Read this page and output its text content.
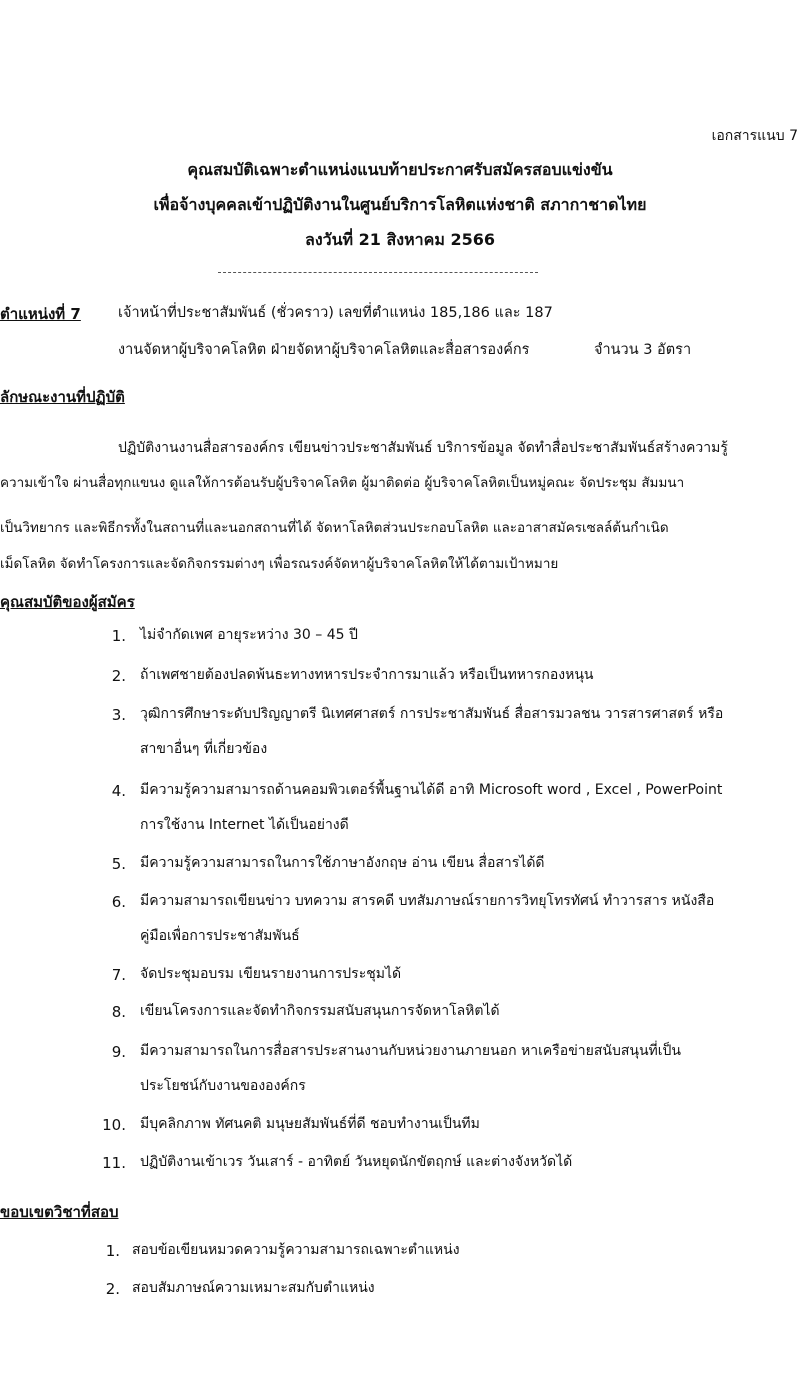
เอกสารแนบ 7
คุณสมบัติเฉพาะตำแหน่งแนบท้ายประกาศรับสมัครสอบแข่งขัน
เพื่อจ้างบุคคลเข้าปฏิบัติงานในศูนย์บริการโลหิตแห่งชาติ สภากาชาดไทย
ลงวันที่ 21 สิงหาคม 2566
ตำแหน่งที่ 7	เจ้าหน้าที่ประชาสัมพันธ์ (ชั่วคราว) เลขที่ตำแหน่ง 185,186 และ 187
งานจัดหาผู้บริจาคโลหิต ฝ่ายจัดหาผู้บริจาคโลหิตและสื่อสารองค์กร	จำนวน 3 อัตรา
ลักษณะงานที่ปฏิบัติ
ปฏิบัติงานงานสื่อสารองค์กร เขียนข่าวประชาสัมพันธ์ บริการข้อมูล จัดทำสื่อประชาสัมพันธ์สร้างความรู้
ความเข้าใจ ผ่านสื่อทุกแขนง ดูแลให้การต้อนรับผู้บริจาคโลหิต ผู้มาติดต่อ ผู้บริจาคโลหิตเป็นหมู่คณะ จัดประชุม สัมมนา
เป็นวิทยากร และพิธีกรทั้งในสถานที่และนอกสถานที่ได้ จัดหาโลหิตส่วนประกอบโลหิต และอาสาสมัครเซลล์ต้นกำเนิด
เม็ดโลหิต จัดทำโครงการและจัดกิจกรรมต่างๆ เพื่อรณรงค์จัดหาผู้บริจาคโลหิตให้ได้ตามเป้าหมาย
คุณสมบัติของผู้สมัคร
1. ไม่จำกัดเพศ อายุระหว่าง 30 – 45 ปี
2. ถ้าเพศชายต้องปลดพ้นธะทางทหารประจำการมาแล้ว หรือเป็นทหารกองหนุน
3. วุฒิการศึกษาระดับปริญญาตรี นิเทศศาสตร์ การประชาสัมพันธ์ สื่อสารมวลชน วารสารศาสตร์ หรือ
สาขาอื่นๆ ที่เกี่ยวข้อง
4. มีความรู้ความสามารถด้านคอมพิวเตอร์พื้นฐานได้ดี อาทิ Microsoft word , Excel , PowerPoint
การใช้งาน Internet ได้เป็นอย่างดี
5. มีความรู้ความสามารถในการใช้ภาษาอังกฤษ อ่าน เขียน สื่อสารได้ดี
6. มีความสามารถเขียนข่าว บทความ สารคดี บทสัมภาษณ์รายการวิทยุโทรทัศน์ ทำวารสาร หนังสือ
คู่มือเพื่อการประชาสัมพันธ์
7. จัดประชุมอบรม เขียนรายงานการประชุมได้
8. เขียนโครงการและจัดทำกิจกรรมสนับสนุนการจัดหาโลหิตได้
9. มีความสามารถในการสื่อสารประสานงานกับหน่วยงานภายนอก หาเครือข่ายสนับสนุนที่เป็น
ประโยชน์กับงานขององค์กร
10. มีบุคลิกภาพ ทัศนคติ มนุษยสัมพันธ์ที่ดี ชอบทำงานเป็นทีม
11. ปฏิบัติงานเข้าเวร วันเสาร์ - อาทิตย์ วันหยุดนักขัตฤกษ์ และต่างจังหวัดได้
ขอบเขตวิชาที่สอบ
1. สอบข้อเขียนหมวดความรู้ความสามารถเฉพาะตำแหน่ง
2. สอบสัมภาษณ์ความเหมาะสมกับตำแหน่ง
